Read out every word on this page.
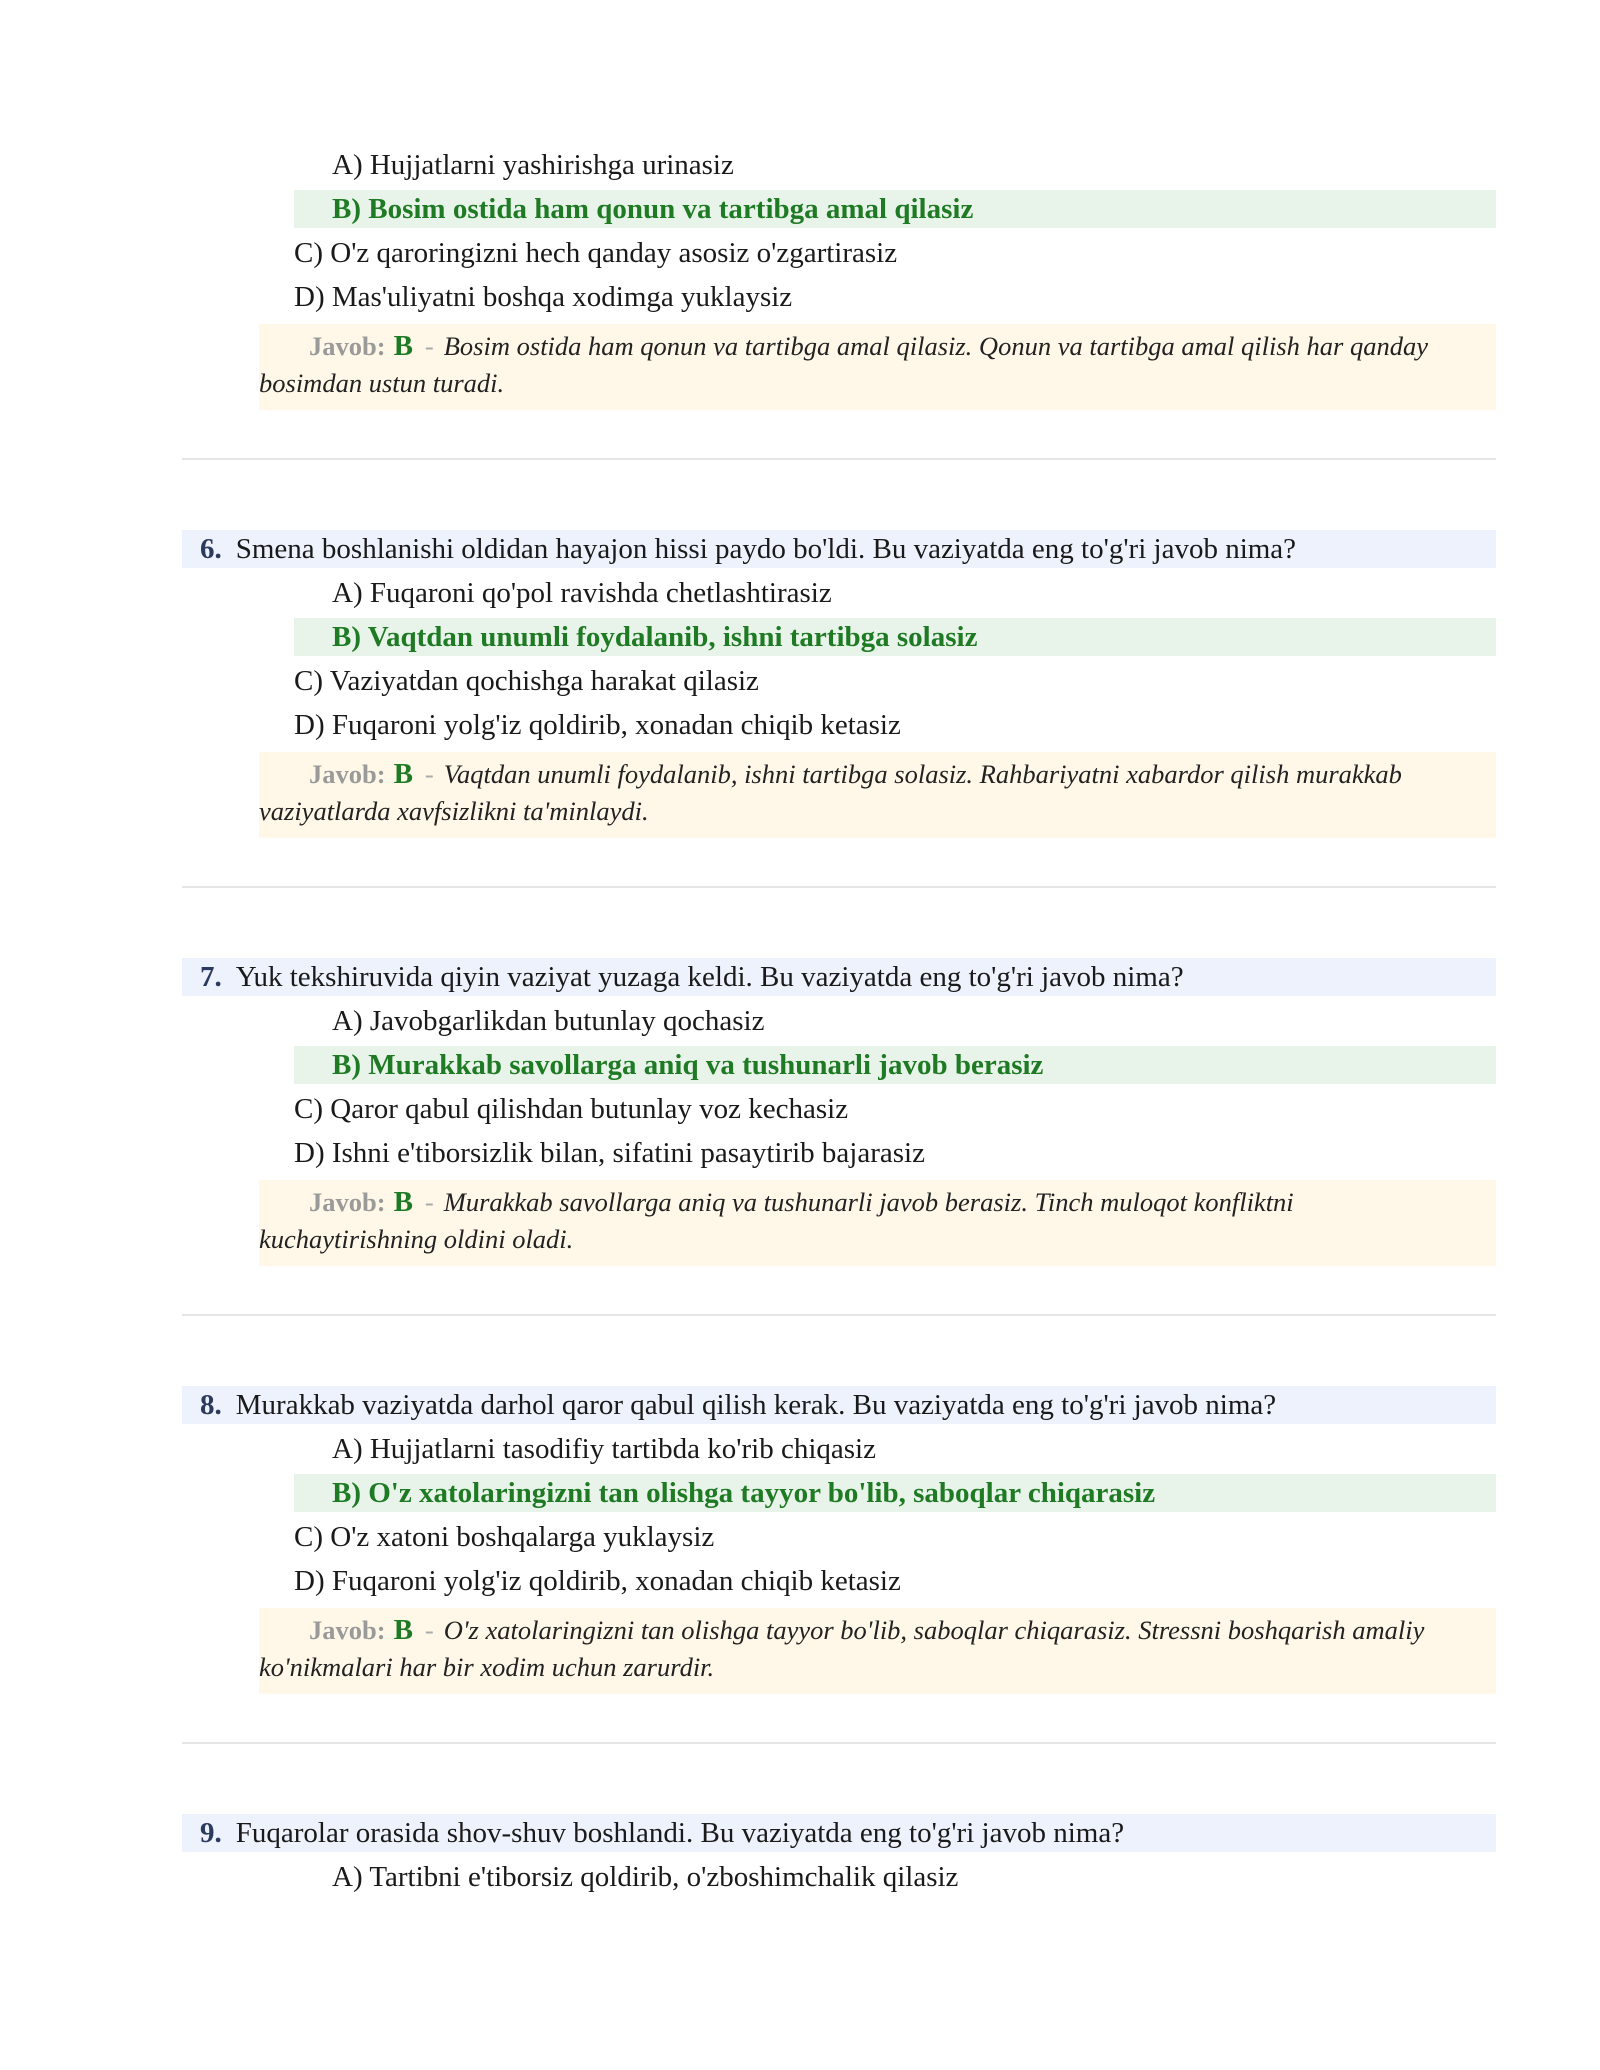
A) Hujjatlarni yashirishga urinasiz
B) Bosim ostida ham qonun va tartibga amal qilasiz
C) O'z qaroringizni hech qanday asosiz o'zgartirasiz
D) Mas'uliyatni boshqa xodimga yuklaysiz
Javob: B - Bosim ostida ham qonun va tartibga amal qilasiz. Qonun va tartibga amal qilish har qanday bosimdan ustun turadi.
6. Smena boshlanishi oldidan hayajon hissi paydo bo'ldi. Bu vaziyatda eng to'g'ri javob nima?
A) Fuqaroni qo'pol ravishda chetlashtirasiz
B) Vaqtdan unumli foydalanib, ishni tartibga solasiz
C) Vaziyatdan qochishga harakat qilasiz
D) Fuqaroni yolg'iz qoldirib, xonadan chiqib ketasiz
Javob: B - Vaqtdan unumli foydalanib, ishni tartibga solasiz. Rahbariyatni xabardor qilish murakkab vaziyatlarda xavfsizlikni ta'minlaydi.
7. Yuk tekshiruvida qiyin vaziyat yuzaga keldi. Bu vaziyatda eng to'g'ri javob nima?
A) Javobgarlikdan butunlay qochasiz
B) Murakkab savollarga aniq va tushunarli javob berasiz
C) Qaror qabul qilishdan butunlay voz kechasiz
D) Ishni e'tiborsizlik bilan, sifatini pasaytirib bajarasiz
Javob: B - Murakkab savollarga aniq va tushunarli javob berasiz. Tinch muloqot konfliktni kuchaytirishning oldini oladi.
8. Murakkab vaziyatda darhol qaror qabul qilish kerak. Bu vaziyatda eng to'g'ri javob nima?
A) Hujjatlarni tasodifiy tartibda ko'rib chiqasiz
B) O'z xatolaringizni tan olishga tayyor bo'lib, saboqlar chiqarasiz
C) O'z xatoni boshqalarga yuklaysiz
D) Fuqaroni yolg'iz qoldirib, xonadan chiqib ketasiz
Javob: B - O'z xatolaringizni tan olishga tayyor bo'lib, saboqlar chiqarasiz. Stressni boshqarish amaliy ko'nikmalari har bir xodim uchun zarurdir.
9. Fuqarolar orasida shov-shuv boshlandi. Bu vaziyatda eng to'g'ri javob nima?
A) Tartibni e'tiborsiz qoldirib, o'zboshimchalik qilasiz
